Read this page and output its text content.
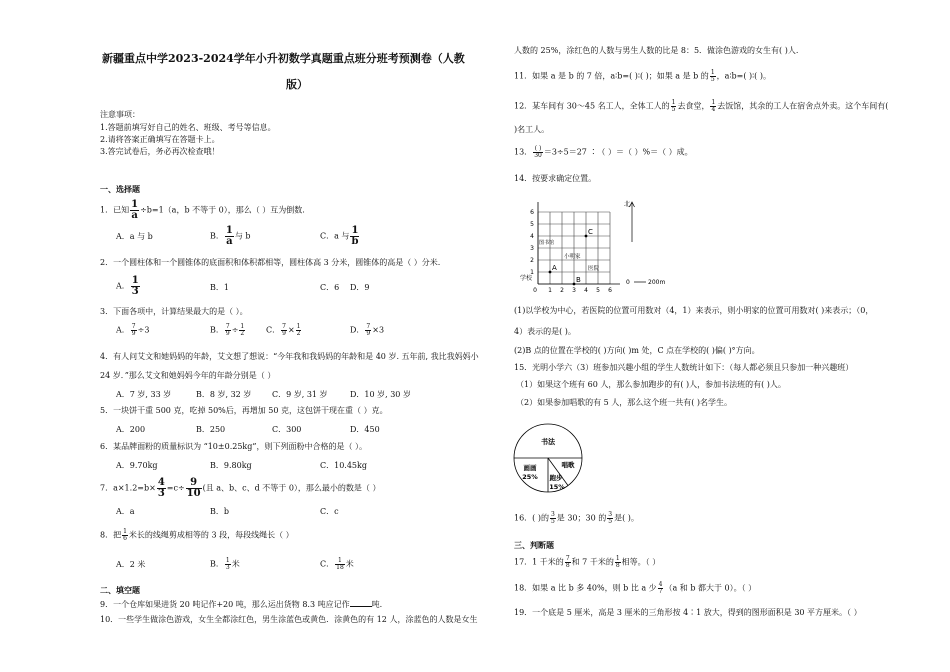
新疆重点中学2023-2024学年小升初数学真题重点班分班考预测卷（人教
版）
注意事项：
1.答题前填写好自己的姓名、班级、考号等信息。
2.请将答案正确填写在答题卡上。
3.答完试卷后，务必再次检查哦！
一、选择题
1．已知 $\frac{1}{a} \div b=1(a$，b 不等于 0），那么（ ）互为倒数.
A．a 与 b	B． $\frac{1}{a}$ 与 b	C．a 与 $\frac{1}{b}$
2．一个圆柱体和一个圆锥体的底面积和体积都相等，圆柱体高 3 分米，圆锥体的高是（ ）分米.
A． $\frac{1}{3}$	B．1	C．6 D．9
3．下面各项中，计算结果最大的是（ ）。
A． $\frac{7}{9} \div 3$	B． $\frac{7}{9} \div \frac{1}{2}$	C． $\frac{7}{9} \times \frac{1}{2}$	D． $\frac{7}{9} \times 3$
4．有人问艾文和她妈妈的年龄，艾文想了想说：“今年我和我妈妈的年龄和是 40 岁. 五年前, 我比我妈妈小
24 岁．”那么艾文和她妈妈今年的年龄分别是（ ）
A．7 岁, 33 岁	B．8 岁, 32 岁	C．9 岁, 31 岁	D．10 岁, 30 岁
5．一块饼干重 500 克，吃掉 50%后，再增加 50 克，这包饼干现在重（ ）克。
A．200	B．250	C．300	D．450
6．某品牌面粉的质量标识为 “10±0.25kg”，则下列面粉中合格的是（ ）。
A．9.70kg	B．9.80kg	C．10.45kg
7．$a\times 1.2=b\times \frac{4}{3} =c\div \frac{9}{10}$ (且 a、b、c、d 不等于 0），那么最小的数是（ ）
A．a	B．b	C．c
8．把 $\frac{1}{6}$ 米长的线绳剪成相等的 3 段，每段线绳长（ ）
A．2 米	B． $\frac{1}{3}$ 米	C． $\frac{1}{18}$ 米
二、填空题
9．一个仓库如果进货 20 吨记作+20 吨，那么运出货物 8.3 吨应记作	吨.
10．一些学生做涂色游戏，女生全都涂红色，男生涂蓝色或黄色．涂黄色的有 12 人，涂蓝色的人数是女生
人数的 25%，涂红色的人数与男生人数的比是 8：5．做涂色游戏的女生有( )人.
11．如果 a 是 b 的 7 倍，a∶b=( )∶( )；如果 a 是 b 的 $\frac{1}{5}$ ，a∶b=( )∶( )。
12．某车间有 30～45 名工人，全体工人的 $\frac{1}{5}$ 去食堂， $\frac{1}{4}$ 去饭馆，其余的工人在宿舍点外卖。这个车间有(
)名工人。
13． $\frac{( )}{30} =3\div 5=27$ ∶（ ）＝（ ）%＝（ ）成。
14．按要求确定位置。
1 2 3 4 5 6
1
2
3
4
5
6
0
学校
图书馆
小明家
医院
A
B
C
北
0	200m
(1)以学校为中心，若医院的位置可用数对（4，1）来表示，则小明家的位置可用数对( )来表示；（0，
4）表示的是( )。
(2)B 点的位置在学校的( )方向( )m 处，C 点在学校的( )偏( )°方向。
15．光明小学六（3）班参加兴趣小组的学生人数统计如下：（每人都必须且只参加一种兴趣班）
（1）如果这个班有 60 人，那么参加跑步的有( )人，参加书法班的有( )人。
（2）如果参加唱歌的有 5 人，那么这个班一共有( )名学生。
书法
画画
25% 跑步
15%
唱歌
16．( )的 $\frac{3}{5}$ 是 30；30 的 $\frac{3}{5}$ 是( )。
三、判断题
17．1 千米的 $\frac{7}{8}$ 和 7 千米的 $\frac{1}{8}$ 相等。（ ）
18．如果 a 比 b 多 40%，则 b 比 a 少 $\frac{4}{7} (a$ 和 b 都大于 0）。（ ）
19．一个底是 5 厘米，高是 3 厘米的三角形按 4∶1 放大，得到的图形面积是 30 平方厘米。（ ）
